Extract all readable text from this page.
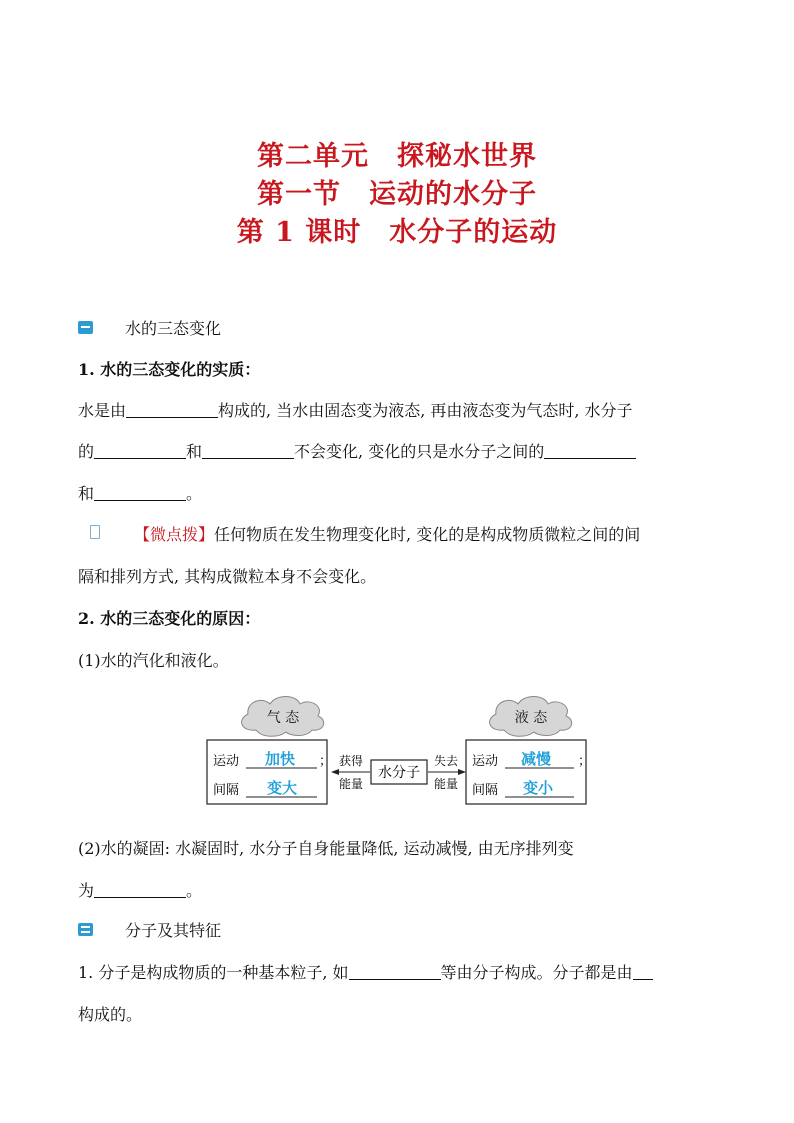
第二单元　探秘水世界
第一节　运动的水分子
第 1 课时　水分子的运动
水的三态变化
1. 水的三态变化的实质：
水是由	构成的, 当水由固态变为液态, 再由液态变为气态时, 水分子
的	和	不会变化, 变化的只是水分子之间的
和	。
【微点拨】任何物质在发生物理变化时, 变化的是构成物质微粒之间的间
隔和排列方式, 其构成微粒本身不会变化。
2. 水的三态变化的原因：
(1)水的汽化和液化。
气 态	液 态
运动 加快 ；
间隔 变大
获得
能量
水分子
失去
能量
运动 减慢 ；
间隔 变小
(2)水的凝固: 水凝固时, 水分子自身能量降低, 运动减慢, 由无序排列变
为	。
分子及其特征
1. 分子是构成物质的一种基本粒子, 如	等由分子构成。分子都是由
构成的。
